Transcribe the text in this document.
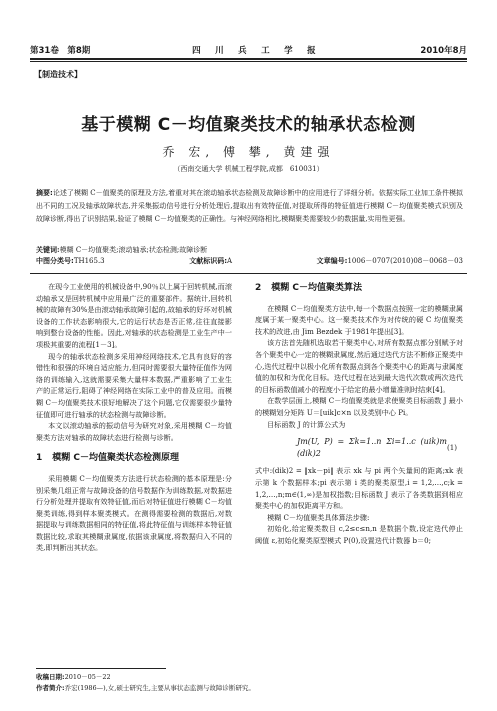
第31卷　第8期	四　川　兵　工　学　报	2010年8月
【制造技术】
基于模糊 C－均值聚类技术的轴承状态检测
乔 宏, 傅 攀, 黄建强
（西南交通大学 机械工程学院,成都　610031）
摘要:论述了模糊 C－值聚类的原理及方法,着重对其在滚动轴承状态检测及故障诊断中的应用进行了详细分析。依据实际工业加工条件模拟出不同的工况及轴承故障状态,并采集振动信号进行分析处理后,提取出有效特征值,对提取所得的特征值进行模糊 C－均值聚类模式识别及故障诊断,得出了识别结果,验证了模糊 C－均值聚类的正确性。与神经网络相比,模糊聚类需要较少的数据量,实用性更强。
关键词:模糊 C－均值聚类;滚动轴承;状态检测;故障诊断
中图分类号:TH165.3	文献标识码:A	文章编号:1006－0707(2010)08－0068－03

在现今工业使用的机械设备中,90％以上属于回转机械,而滚动轴承又是回转机械中应用最广泛的重要部件。据统计,回转机械的故障有30%是由滚动轴承故障引起的,故轴承的好坏对机械设备的工作状态影响很大,它的运行状态是否正常,往往直接影响到整台设备的性能。因此,对轴承的状态检测是工业生产中一项极其重要的流程[1－3]。

现今的轴承状态检测多采用神经网络技术,它具有良好的容错性和很强的环境自适应能力,但同时需要很大量特征值作为网络的训练输入,这就需要采集大量样本数据,严重影响了工业生产的正常运行,阻碍了神经网络在实际工业中的普及应用。而模糊 C－均值聚类技术很好地解决了这个问题,它仅需要很少量特征值即可进行轴承的状态检测与故障诊断。

本文以滚动轴承的振动信号为研究对象,采用模糊 C－均值聚类方法对轴承的故障状态进行检测与诊断。

1 模糊 C－均值聚类状态检测原理

采用模糊 C－均值聚类方法进行状态检测的基本原理是:分别采集几组正常与故障设备的信号数据作为训练数据,对数据进行分析处理并提取有效特征值,而后对特征值进行模糊 C－均值聚类训练,得到样本聚类模式。在测得需要检测的数据后,对数据提取与训练数据相同的特征值,将此特征值与训练样本特征值数据比较,求取其模糊隶属度,依据该隶属度,将数据归入不同的类,即判断出其状态。

2 模糊 C－均值聚类算法

在模糊 C－均值聚类方法中,每一个数据点按照一定的模糊隶属度属于某一聚类中心。这一聚类技术作为对传统的硬 C 均值聚类技术的改进,由 Jim Bezdek 于1981年提出[3]。

该方法首先随机选取若干聚类中心,对所有数据点都分别赋予对各个聚类中心一定的模糊隶属度,然后通过迭代方法不断修正聚类中心,迭代过程中以极小化所有数据点到各个聚类中心的距离与隶属度值的加权和为优化目标。迭代过程在达到最大迭代次数或两次迭代的目标函数值减小的程度小于给定的最小增量准则时结束[4]。

在数学层面上,模糊 C－均值聚类就是求使聚类目标函数 J 最小的模糊划分矩阵 U＝[uik]c×n 以及类别中心 Pi。

目标函数 J 的计算公式为

Jm(U, P) = Σk=1..n Σi=1..c (uik)m (dik)2
(1)

式中:(dik)2 = ‖xk－pi‖ 表示 xk 与 pi 两个矢量间的距离;xk 表示第 k 个数据样本;pi 表示第 i 类的聚类原型,i = 1,2,…,c;k = 1,2,…,n;m∈(1,∞)是加权指数;目标函数 J 表示了各类数据到相应聚类中心的加权距离平方和。

模糊 C－均值聚类具体算法步骤:

初始化,给定聚类数目 c,2≤c≤n,n 是数据个数,设定迭代停止阈值 ε,初始化聚类原型模式 P(0),设置迭代计数器 b＝0;

收稿日期:2010－05－22
作者简介:乔宏(1986—),女,硕士研究生,主要从事状态监测与故障诊断研究。
